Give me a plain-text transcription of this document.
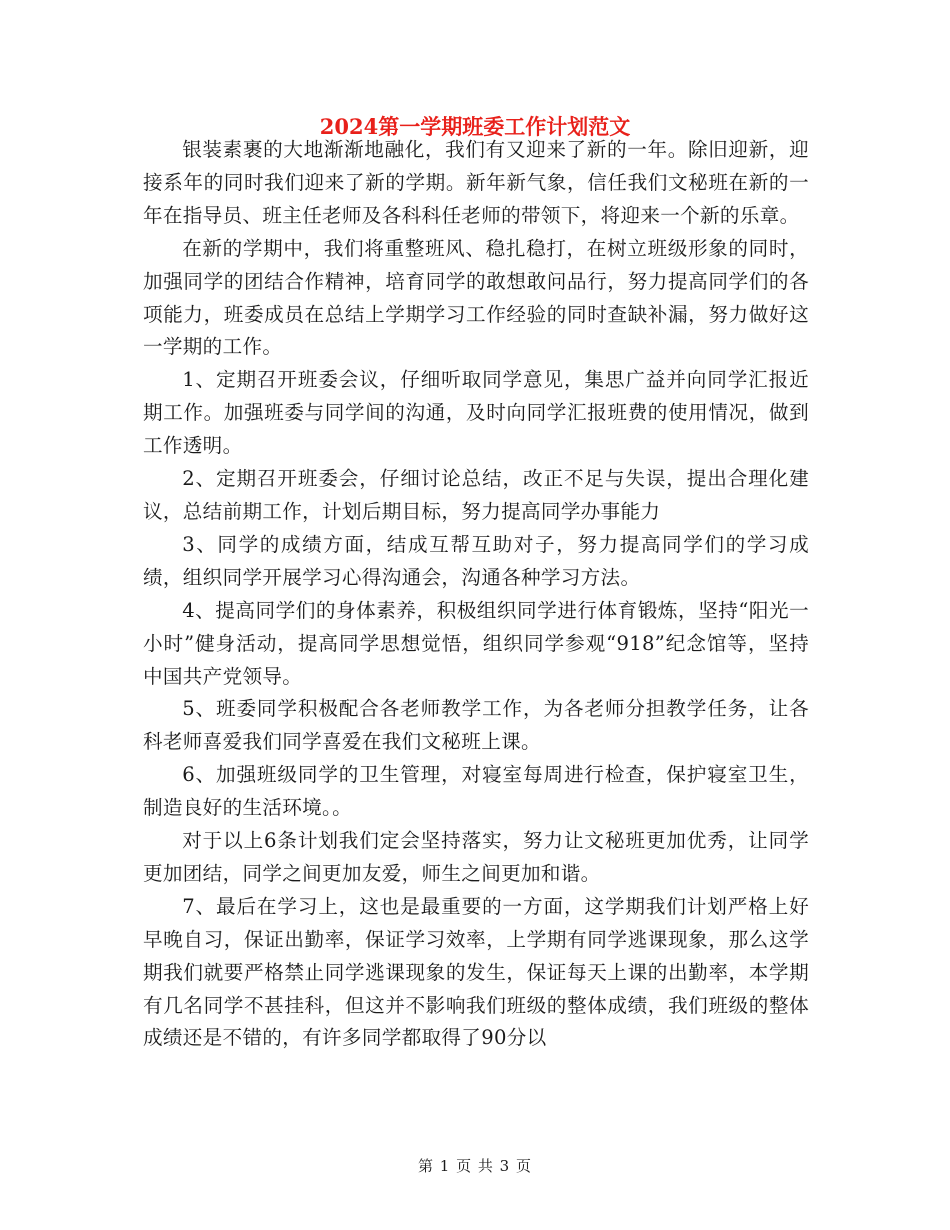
2024第一学期班委工作计划范文

银装素裹的大地渐渐地融化，我们有又迎来了新的一年。除旧迎新，迎接系年的同时我们迎来了新的学期。新年新气象，信任我们文秘班在新的一年在指导员、班主任老师及各科科任老师的带领下，将迎来一个新的乐章。

在新的学期中，我们将重整班风、稳扎稳打，在树立班级形象的同时，加强同学的团结合作精神，培育同学的敢想敢问品行，努力提高同学们的各项能力，班委成员在总结上学期学习工作经验的同时查缺补漏，努力做好这一学期的工作。

1、定期召开班委会议，仔细听取同学意见，集思广益并向同学汇报近期工作。加强班委与同学间的沟通，及时向同学汇报班费的使用情况，做到工作透明。

2、定期召开班委会，仔细讨论总结，改正不足与失误，提出合理化建议，总结前期工作，计划后期目标，努力提高同学办事能力

3、同学的成绩方面，结成互帮互助对子，努力提高同学们的学习成绩，组织同学开展学习心得沟通会，沟通各种学习方法。

4、提高同学们的身体素养，积极组织同学进行体育锻炼，坚持“阳光一小时”健身活动，提高同学思想觉悟，组织同学参观“918”纪念馆等，坚持中国共产党领导。

5、班委同学积极配合各老师教学工作，为各老师分担教学任务，让各科老师喜爱我们同学喜爱在我们文秘班上课。

6、加强班级同学的卫生管理，对寝室每周进行检查，保护寝室卫生，制造良好的生活环境。。

对于以上6条计划我们定会坚持落实，努力让文秘班更加优秀，让同学更加团结，同学之间更加友爱，师生之间更加和谐。

7、最后在学习上，这也是最重要的一方面，这学期我们计划严格上好早晚自习，保证出勤率，保证学习效率，上学期有同学逃课现象，那么这学期我们就要严格禁止同学逃课现象的发生，保证每天上课的出勤率，本学期有几名同学不甚挂科，但这并不影响我们班级的整体成绩，我们班级的整体成绩还是不错的，有许多同学都取得了90分以

第 1 页 共 3 页
